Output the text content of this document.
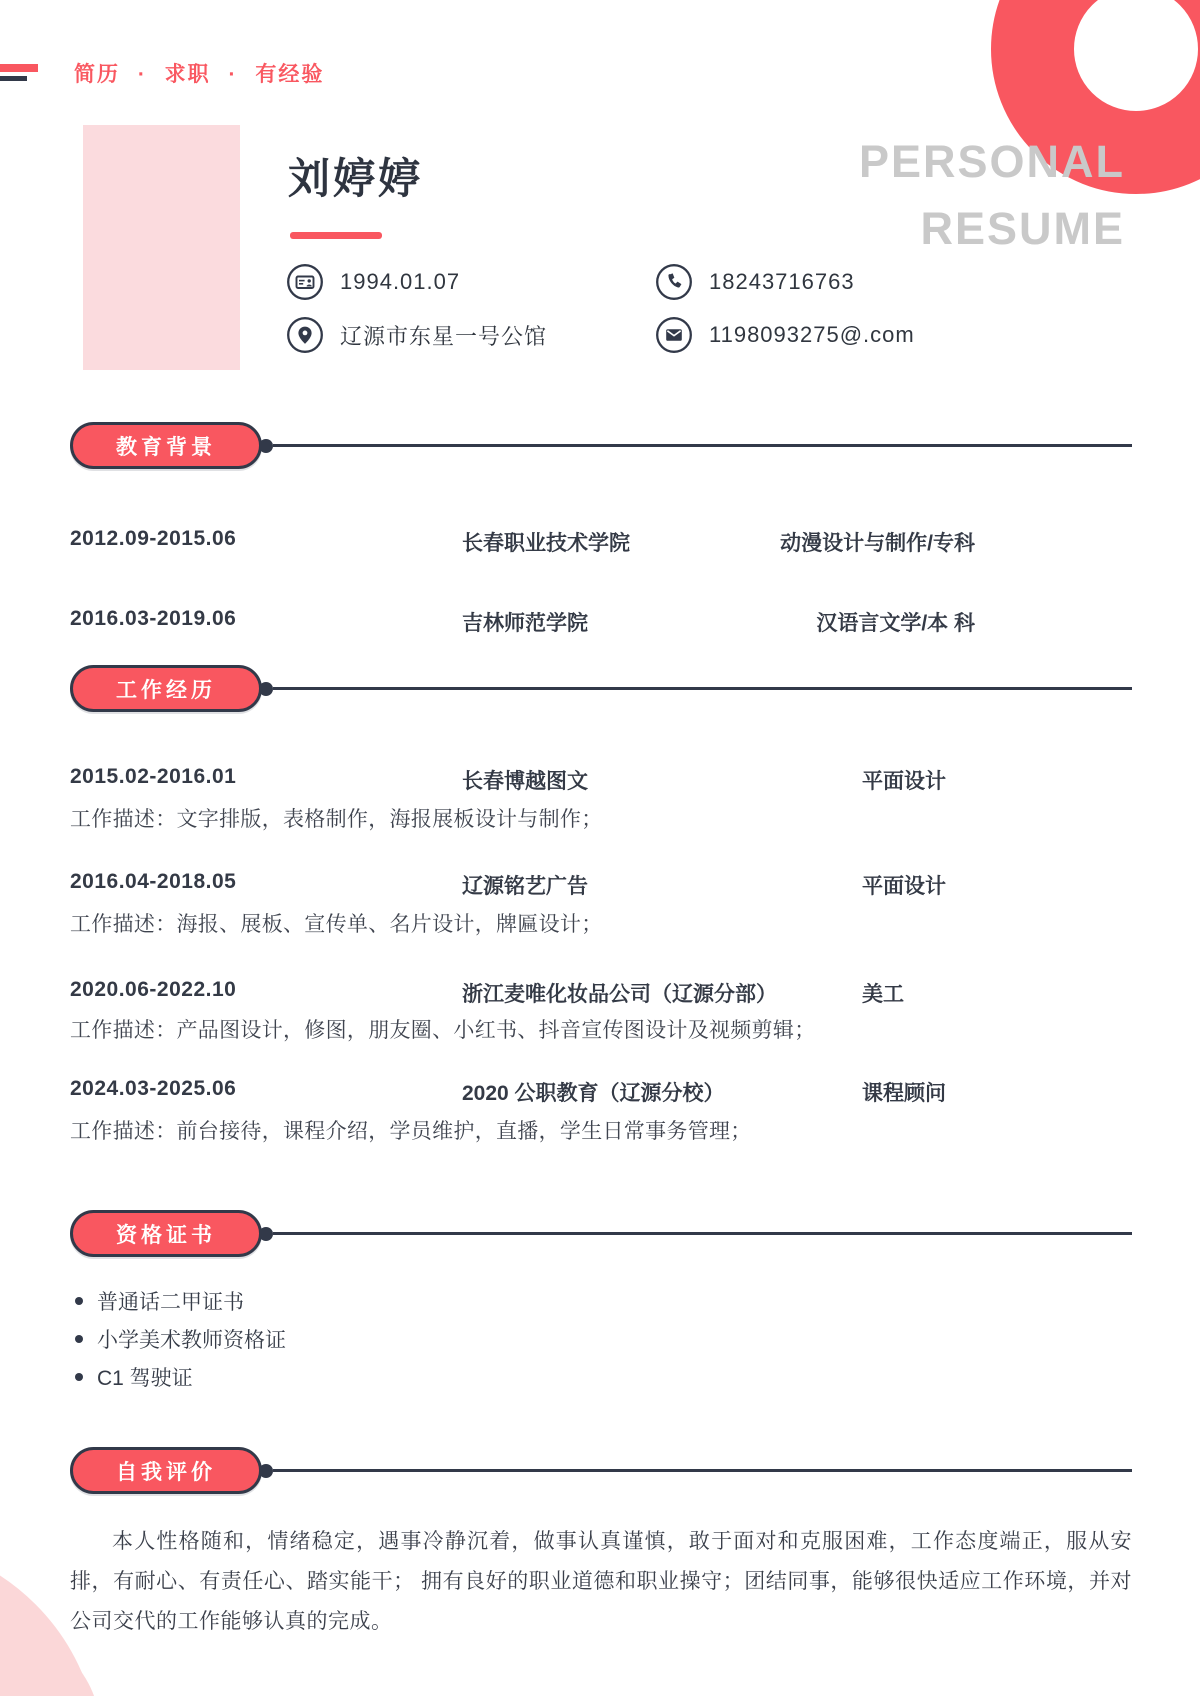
简历 · 求职 · 有经验
PERSONAL
RESUME
刘婷婷
1994.01.07	18243716763
辽源市东星一号公馆	1198093275@.com
教育背景
2012.09-2015.06	长春职业技术学院	动漫设计与制作/专科
2016.03-2019.06	吉林师范学院	汉语言文学/本 科
工作经历
2015.02-2016.01	长春博越图文	平面设计
工作描述：文字排版，表格制作，海报展板设计与制作；
2016.04-2018.05	辽源铭艺广告	平面设计
工作描述：海报、展板、宣传单、名片设计，牌匾设计；
2020.06-2022.10	浙江麦唯化妆品公司（辽源分部）	美工
工作描述：产品图设计，修图，朋友圈、小红书、抖音宣传图设计及视频剪辑；
2024.03-2025.06	2020 公职教育（辽源分校）	课程顾问
工作描述：前台接待，课程介绍，学员维护，直播，学生日常事务管理；
资格证书
普通话二甲证书
小学美术教师资格证
C1 驾驶证
自我评价
本人性格随和，情绪稳定，遇事冷静沉着，做事认真谨慎，敢于面对和克服困难，工作态度端正，服从安排，有耐心、有责任心、踏实能干； 拥有良好的职业道德和职业操守；团结同事，能够很快适应工作环境，并对公司交代的工作能够认真的完成。
